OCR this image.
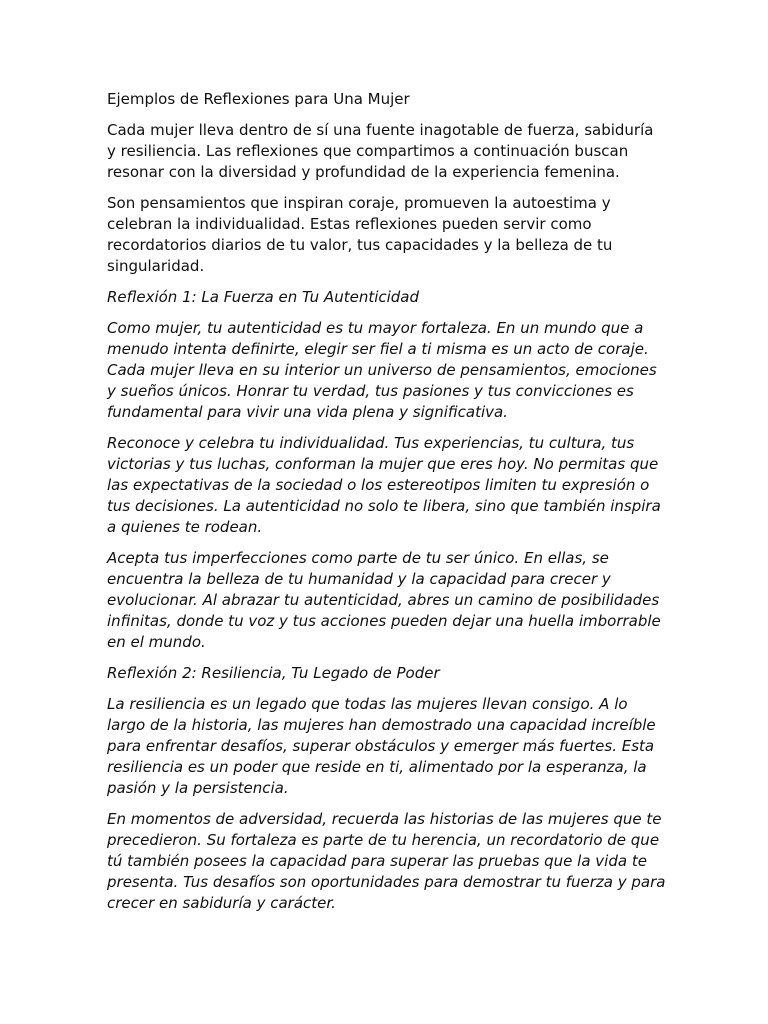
Ejemplos de Reflexiones para Una Mujer

Cada mujer lleva dentro de sí una fuente inagotable de fuerza, sabiduría y resiliencia. Las reflexiones que compartimos a continuación buscan resonar con la diversidad y profundidad de la experiencia femenina.

Son pensamientos que inspiran coraje, promueven la autoestima y celebran la individualidad. Estas reflexiones pueden servir como recordatorios diarios de tu valor, tus capacidades y la belleza de tu singularidad.

Reflexión 1: La Fuerza en Tu Autenticidad

Como mujer, tu autenticidad es tu mayor fortaleza. En un mundo que a menudo intenta definirte, elegir ser fiel a ti misma es un acto de coraje. Cada mujer lleva en su interior un universo de pensamientos, emociones y sueños únicos. Honrar tu verdad, tus pasiones y tus convicciones es fundamental para vivir una vida plena y significativa.

Reconoce y celebra tu individualidad. Tus experiencias, tu cultura, tus victorias y tus luchas, conforman la mujer que eres hoy. No permitas que las expectativas de la sociedad o los estereotipos limiten tu expresión o tus decisiones. La autenticidad no solo te libera, sino que también inspira a quienes te rodean.

Acepta tus imperfecciones como parte de tu ser único. En ellas, se encuentra la belleza de tu humanidad y la capacidad para crecer y evolucionar. Al abrazar tu autenticidad, abres un camino de posibilidades infinitas, donde tu voz y tus acciones pueden dejar una huella imborrable en el mundo.

Reflexión 2: Resiliencia, Tu Legado de Poder

La resiliencia es un legado que todas las mujeres llevan consigo. A lo largo de la historia, las mujeres han demostrado una capacidad increíble para enfrentar desafíos, superar obstáculos y emerger más fuertes. Esta resiliencia es un poder que reside en ti, alimentado por la esperanza, la pasión y la persistencia.

En momentos de adversidad, recuerda las historias de las mujeres que te precedieron. Su fortaleza es parte de tu herencia, un recordatorio de que tú también posees la capacidad para superar las pruebas que la vida te presenta. Tus desafíos son oportunidades para demostrar tu fuerza y para crecer en sabiduría y carácter.
